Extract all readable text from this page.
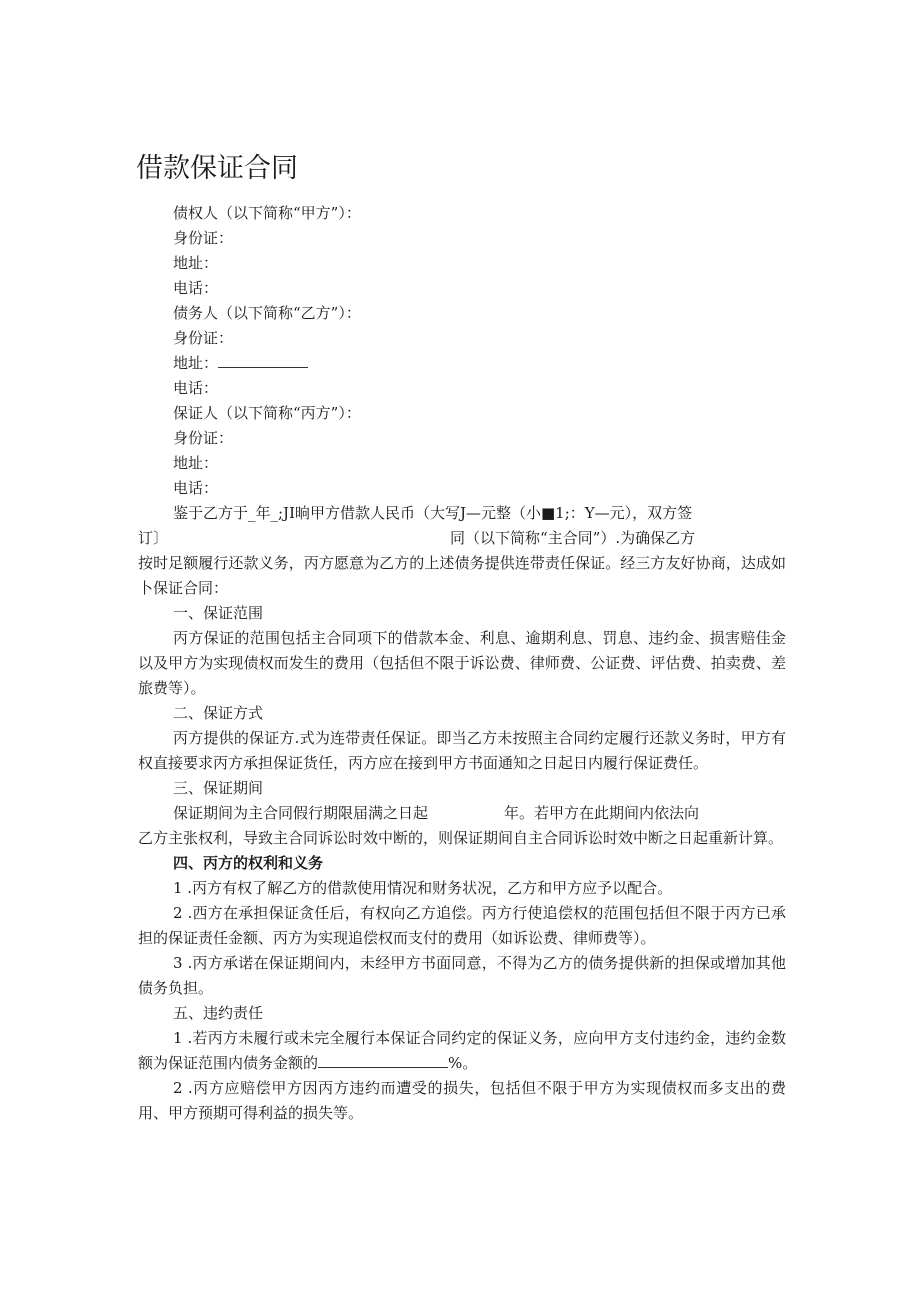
借款保证合同
债权人（以下简称“甲方”）：
身份证：
地址：
电话：
债务人（以下简称“乙方”）：
身份证：
地址：
电话：
保证人（以下简称“丙方”）：
身份证：
地址：
电话：
鉴于乙方于_年_;JI晌甲方借款人民币（大写J—元整（小■1;：Y—元），双方签
订〕	同（以下简称“主合同”）.为确保乙方
按时足额履行还款义务，丙方愿意为乙方的上述债务提供连带责任保证。经三方友好协商，达成如卜保证合同：
一、保证范围
丙方保证的范围包括主合同项下的借款本金、利息、逾期利息、罚息、违约金、损害赔佳金以及甲方为实现债权而发生的费用（包括但不限于诉讼费、律师费、公证费、评估费、拍卖费、差旅费等）。
二、保证方式
丙方提供的保证方.式为连带责任保证。即当乙方未按照主合同约定履行还款义务时，甲方有权直接要求丙方承担保证货任，丙方应在接到甲方书面通知之日起日内履行保证费任。
三、保证期间
保证期间为主合同假行期限届满之日起	年。若甲方在此期间内依法向
乙方主张权利，导致主合同诉讼时效中断的，则保证期间自主合同诉讼时效中断之日起重新计算。
四、丙方的权利和义务
1 .丙方有权了解乙方的借款使用情况和财务状况，乙方和甲方应予以配合。
2 .西方在承担保证贪任后，有权向乙方追偿。丙方行使追偿权的范围包括但不限于丙方已承担的保证责任金额、丙方为实现追偿权而支付的费用（如诉讼费、律师费等）。
3 .丙方承诺在保证期间内，未经甲方书面同意，不得为乙方的债务提供新的担保或增加其他债务负担。
五、违约责任
1 .若丙方未履行或未完全履行本保证合同约定的保证义务，应向甲方支付违约金，违约金数额为保证范围内债务金额的	%。
2 .丙方应赔偿甲方因丙方违约而遭受的损失，包括但不限于甲方为实现债权而多支出的费用、甲方预期可得利益的损失等。
